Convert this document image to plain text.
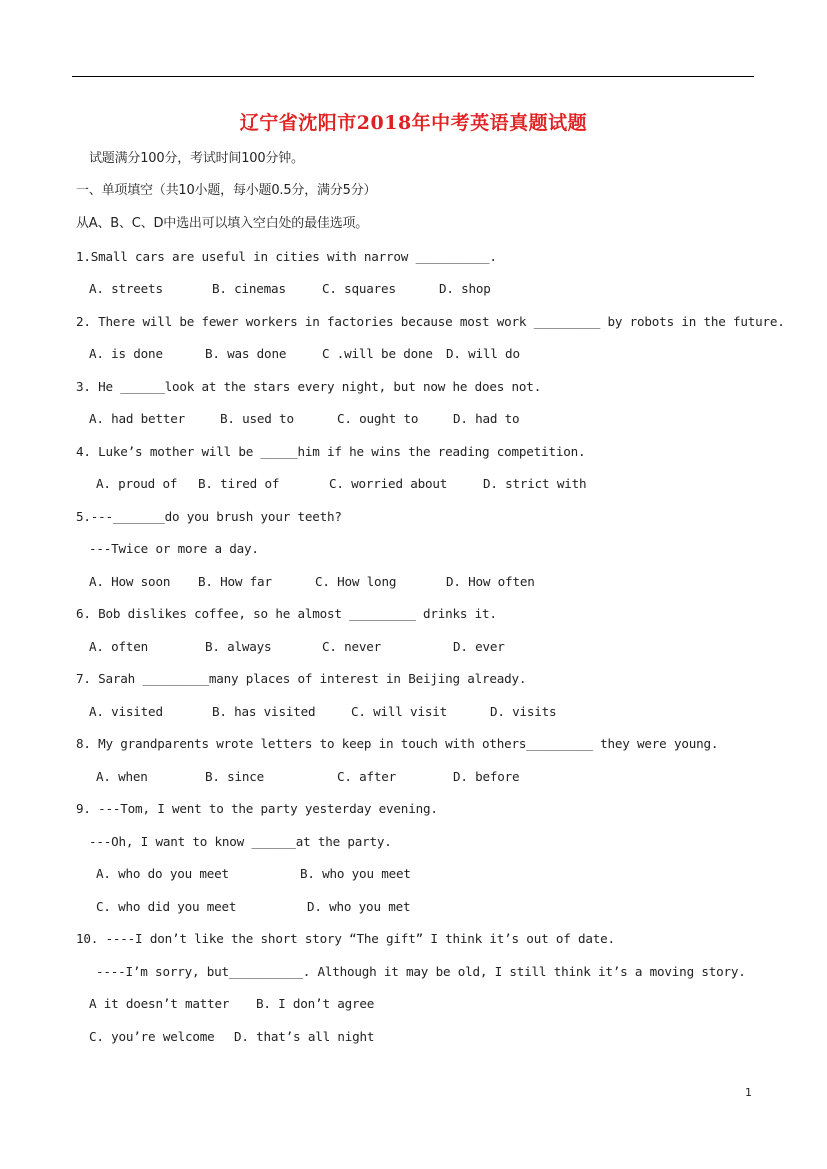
辽宁省沈阳市2018年中考英语真题试题
试题满分100分，考试时间100分钟。
一、单项填空（共10小题，每小题0.5分，满分5分）
从A、B、C、D中选出可以填入空白处的最佳选项。
1.Small cars are useful in cities with narrow __________.
A. streets	B. cinemas	C. squares	D. shop
2. There will be fewer workers in factories because most work _________ by robots in the future.
A. is done	B. was done	C .will be done D. will do
3. He ______look at the stars every night, but now he does not.
A. had better	B. used to	C. ought to	D. had to
4. Luke’s mother will be _____him if he wins the reading competition.
A. proud of B. tired of	C. worried about	D. strict with
5.---_______do you brush your teeth?
---Twice or more a day.
A. How soon B. How far	C. How long	D. How often
6. Bob dislikes coffee, so he almost _________ drinks it.
A. often	B. always	C. never	D. ever
7. Sarah _________many places of interest in Beijing already.
A. visited	B. has visited	C. will visit	D. visits
8. My grandparents wrote letters to keep in touch with others_________ they were young.
A. when	B. since	C. after	D. before
9. ---Tom, I went to the party yesterday evening.
---Oh, I want to know ______at the party.
A. who do you meet	B. who you meet
C. who did you meet	D. who you met
10. ----I don’t like the short story “The gift” I think it’s out of date.
----I’m sorry, but__________. Although it may be old, I still think it’s a moving story.
A it doesn’t matter B. I don’t agree
C. you’re welcome D. that’s all night
1
